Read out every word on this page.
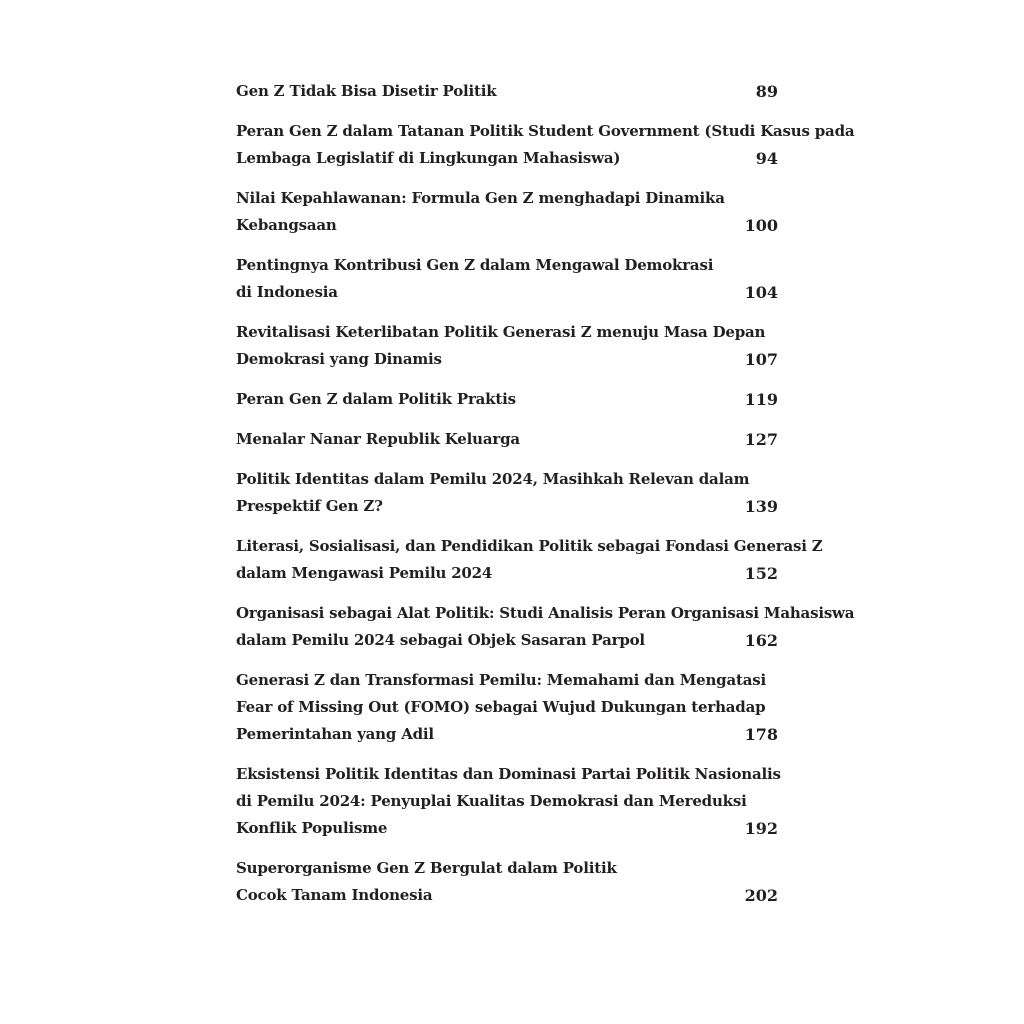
Gen Z Tidak Bisa Disetir Politik	89
Peran Gen Z dalam Tatanan Politik Student Government (Studi Kasus pada
Lembaga Legislatif di Lingkungan Mahasiswa)	94
Nilai Kepahlawanan: Formula Gen Z menghadapi Dinamika
Kebangsaan	100
Pentingnya Kontribusi Gen Z dalam Mengawal Demokrasi
di Indonesia	104
Revitalisasi Keterlibatan Politik Generasi Z menuju Masa Depan
Demokrasi yang Dinamis	107
Peran Gen Z dalam Politik Praktis	119
Menalar Nanar Republik Keluarga	127
Politik Identitas dalam Pemilu 2024, Masihkah Relevan dalam
Prespektif Gen Z?	139
Literasi, Sosialisasi, dan Pendidikan Politik sebagai Fondasi Generasi Z
dalam Mengawasi Pemilu 2024	152
Organisasi sebagai Alat Politik: Studi Analisis Peran Organisasi Mahasiswa
dalam Pemilu 2024 sebagai Objek Sasaran Parpol	162
Generasi Z dan Transformasi Pemilu: Memahami dan Mengatasi
Fear of Missing Out (FOMO) sebagai Wujud Dukungan terhadap
Pemerintahan yang Adil	178
Eksistensi Politik Identitas dan Dominasi Partai Politik Nasionalis
di Pemilu 2024: Penyuplai Kualitas Demokrasi dan Mereduksi
Konflik Populisme	192
Superorganisme Gen Z Bergulat dalam Politik
Cocok Tanam Indonesia	202
